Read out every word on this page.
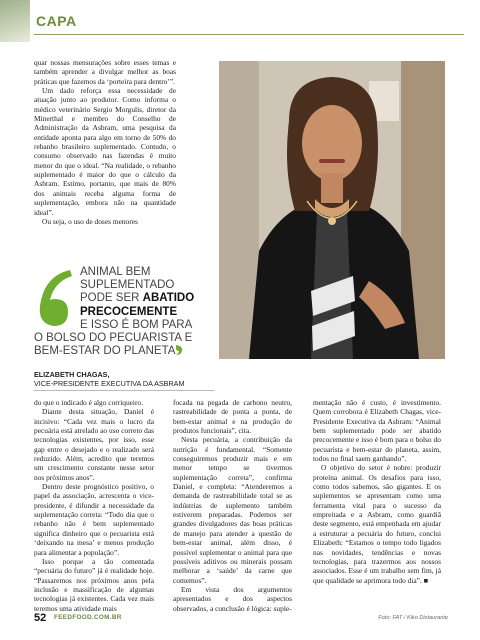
CAPA

quar nossas mensurações sobre esses temas e também aprender a divulgar melhor as boas práticas que fazemos da ‘porteira para dentro’”.

Um dado reforça essa necessidade de atuação junto ao produtor. Como informa o médico veterinário Sergio Morgulis, diretor da Minerthal e membro do Conselho de Administração da Asbram, uma pesquisa da entidade aponta para algo em torno de 50% do rebanho brasileiro suplementado. Contudo, o consumo observado nas fazendas é muito menor do que o ideal. “Na realidade, o rebanho suplementado é maior do que o cálculo da Asbram. Estimo, portanto, que mais de 80% dos animais receba alguma forma de suplementação, embora não na quantidade ideal”.

Ou seja, o uso de doses menores

ANIMAL BEM
SUPLEMENTADO
PODE SER ABATIDO
PRECOCEMENTE
E ISSO É BOM PARA
O BOLSO DO PECUARISTA E
BEM-ESTAR DO PLANETA
ELIZABETH CHAGAS,
VICE-PRESIDENTE EXECUTIVA DA ASBRAM

do que o indicado é algo corriqueiro.

Diante desta situação, Daniel é incisivo: “Cada vez mais o lucro da pecuária está atrelado ao uso correto das tecnologias existentes, por isso, esse gap entre o desejado e o realizado será reduzido. Além, acredito que teremos um crescimento constante nesse setor nos próximos anos”.

Dentro deste prognóstico positivo, o papel da associação, acrescenta o vice-presidente, é difundir a necessidade da suplementação correta: “Todo dia que o rebanho não é bem suplementado significa dinheiro que o pecuarista está ‘deixando na mesa’ e menos produção para alimentar a população”.

Isso porque a tão comentada “pecuária do futuro” já é realidade hoje. “Passaremos nos próximos anos pela inclusão e massificação de algumas tecnologias já existentes. Cada vez mais teremos uma atividade mais

focada na pegada de carbono neutro, rastreabilidade de ponta a ponta, de bem-estar animal e na produção de produtos funcionais”, cita.

Nesta pecuária, a contribuição da nutrição é fundamental. “Somente conseguiremos produzir mais e em menor tempo se tivermos suplementação correta”, confirma Daniel, e completa: “Atenderemos a demanda de rastreabilidade total se as indústrias de suplemento também estiverem preparadas. Podemos ser grandes divulgadores das boas práticas de manejo para atender a questão de bem-estar animal, além disso, é possível suplementar o animal para que possíveis aditivos ou minerais possam melhorar a ‘saúde’ da carne que comemos”.

Em vista dos argumentos apresentados e dos aspectos observados, a conclusão é lógica: suple-

mentação não é custo, é investimento. Quem corrobora é Elizabeth Chagas, vice-Presidente Executiva da Asbram: “Animal bem suplementado pode ser abatido precocemente e isso é bom para o bolso do pecuarista e bem-estar do planeta, assim, todos no final saem ganhando”.

O objetivo do setor é nobre: produzir proteína animal. Os desafios para isso, como todos sabemos, são gigantes. E os suplementos se apresentam como uma ferramenta vital para o sucesso da empreitada e a Asbram, como guardiã deste segmento, está empenhada em ajudar a estruturar a pecuária do futuro, conclui Elizabeth: “Estamos o tempo todo ligados nas novidades, tendências e novas tecnologias, para trazermos aos nossos associados. Esse é um trabalho sem fim, já que qualidade se aprimora todo dia”. ■

52 FEEDFOOD.COM.BR	Foto: FAT / Kiko Distaurante
